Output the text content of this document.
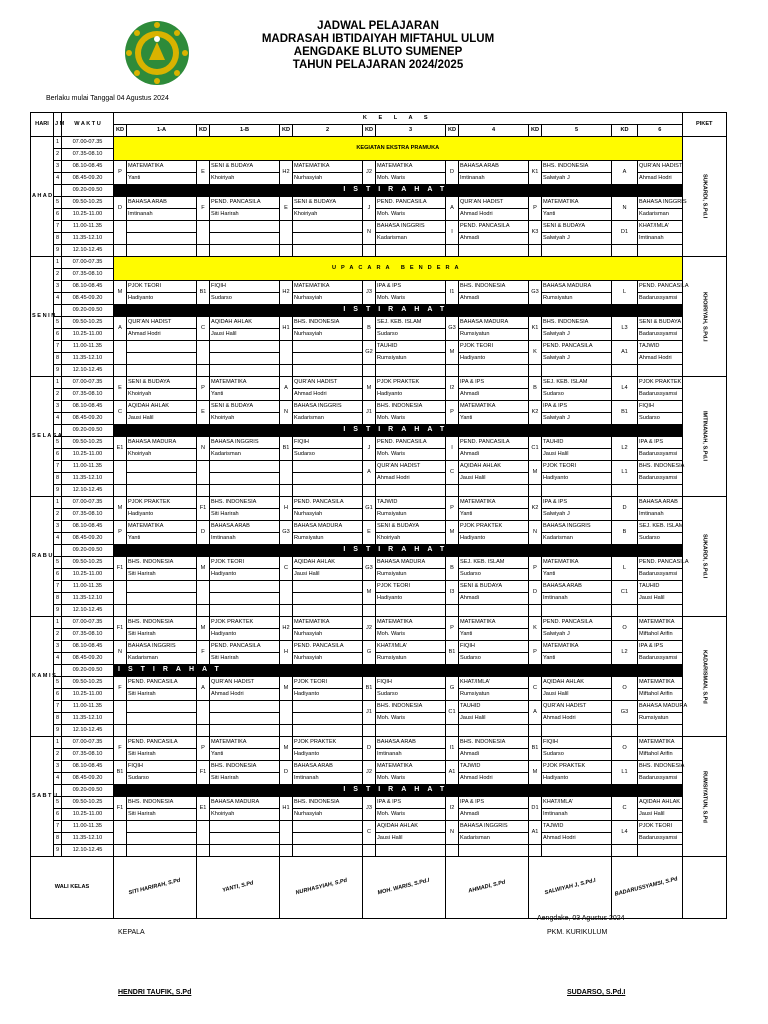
JADWAL PELAJARAN
MADRASAH IBTIDAIYAH MIFTAHUL ULUM
AENGDAKE BLUTO SUMENEP
TAHUN PELAJARAN 2024/2025
Berlaku mulai Tanggal 04 Agustus 2024
HARI	J M	W A K T U	K E L A S														PIKET
			KD	1-A	KD	1-B	KD	2	KD	3	KD	4	KD	5	KD	6	
A H A D	1	07.00-07.35	KEGIATAN EKSTRA PRAMUKA														SUKARDI, S.Pd.I
	2	07.35-08.10															
	3	08.10-08.45	P	MATEMATIKA	E	SENI & BUDAYA	H2	MATEMATIKA	J2	MATEMATIKA	D	BAHASA ARAB	K1	BHS. INDONESIA	A	QUR'AN HADIST	
	4	08.45-09.20		Yanti		Khoiriyah		Nurhasyiah		Moh. Waris		Imtinanah		Salwiyah J		Ahmad Hodri	
		09.20-09.50	ISTIRAHAT														
	5	09.50-10.25	D	BAHASA ARAB	F	PEND. PANCASILA	E	SENI & BUDAYA	J	PEND. PANCASILA	A	QUR'AN HADIST	P	MATEMATIKA	N	BAHASA INGGRIS	
	6	10.25-11.00		Imtinanah		Siti Harirah		Khoiriyah		Moh. Waris		Ahmad Hodri		Yanti		Kadarisman	
	7	11.00-11.35							N	BAHASA INGGRIS	I	PEND. PANCASILA	K3	SENI & BUDAYA	D1	KHAT/IMLA'	
	8	11.35-12.10								Kadarisman		Ahmadi		Salwiyah J		Imtinanah	
	9	12.10-12.45															
S E N I N	1	07.00-07.35	UPACARA BENDERA														KHOIRIYAH, S.Pd.I
	2	07.35-08.10															
	3	08.10-08.45	M	PJOK TEORI	B1	FIQIH	H2	MATEMATIKA	J3	IPA & IPS	I1	BHS. INDONESIA	G3	BAHASA MADURA	L	PEND. PANCASILA	
	4	08.45-09.20		Hadiyanto		Sudarso		Nurhasyiah		Moh. Waris		Ahmadi		Rumsiyatun		Badarussyamsi	
		09.20-09.50	ISTIRAHAT														
	5	09.50-10.25	A	QUR'AN HADIST	C	AQIDAH AHLAK	H1	BHS. INDONESIA	B	SEJ. KEB. ISLAM	G3	BAHASA MADURA	K1	BHS. INDONESIA	L3	SENI & BUDAYA	
	6	10.25-11.00		Ahmad Hodri		Jausi Halil		Nurhasyiah		Sudarso		Rumsiyatun		Salwiyah J		Badarussyamsi	
	7	11.00-11.35							G2	TAUHID	M	PJOK TEORI	K	PEND. PANCASILA	A1	TAJWID	
	8	11.35-12.10								Rumsiyatun		Hadiyanto		Salwiyah J		Ahmad Hodri	
	9	12.10-12.45															
S E L A S A	1	07.00-07.35	E	SENI & BUDAYA	P	MATEMATIKA	A	QUR'AN HADIST	M	PJOK PRAKTEK	I2	IPA & IPS	B	SEJ. KEB. ISLAM	L4	PJOK PRAKTEK	IMTINANAH, S.Pd.I
	2	07.35-08.10		Khoiriyah		Yanti		Ahmad Hodri		Hadiyanto		Ahmadi		Sudarso		Badarussyamsi	
	3	08.10-08.45	C	AQIDAH AHLAK	E	SENI & BUDAYA	N	BAHASA INGGRIS	J1	BHS. INDONESIA	P	MATEMATIKA	K2	IPA & IPS	B1	FIQIH	
	4	08.45-09.20		Jausi Halil		Khoiriyah		Kadarisman		Moh. Waris		Yanti		Salwiyah J		Sudarso	
		09.20-09.50	ISTIRAHAT														
	5	09.50-10.25	E1	BAHASA MADURA	N	BAHASA INGGRIS	B1	FIQIH	J	PEND. PANCASILA	I	PEND. PANCASILA	C1	TAUHID	L2	IPA & IPS	
	6	10.25-11.00		Khoiriyah		Kadarisman		Sudarso		Moh. Waris		Ahmadi		Jausi Halil		Badarussyamsi	
	7	11.00-11.35							A	QUR'AN HADIST	C	AQIDAH AHLAK	M	PJOK TEORI	L1	BHS. INDONESIA	
	8	11.35-12.10								Ahmad Hodri		Jausi Halil		Hadiyanto		Badarussyamsi	
	9	12.10-12.45															
R A B U	1	07.00-07.35	M	PJOK PRAKTEK	F1	BHS. INDONESIA	H	PEND. PANCASILA	G1	TAJWID	P	MATEMATIKA	K2	IPA & IPS	D	BAHASA ARAB	SUKARDI, S.Pd.I
	2	07.35-08.10		Hadiyanto		Siti Harirah		Nurhasyiah		Rumsiyatun		Yanti		Salwiyah J		Imtinanah	
	3	08.10-08.45	P	MATEMATIKA	D	BAHASA ARAB	G3	BAHASA MADURA	E	SENI & BUDAYA	M	PJOK PRAKTEK	N	BAHASA INGGRIS	B	SEJ. KEB. ISLAM	
	4	08.45-09.20		Yanti		Imtinanah		Rumsiyatun		Khoiriyah		Hadiyanto		Kadarisman		Sudarso	
		09.20-09.50	ISTIRAHAT														
	5	09.50-10.25	F1	BHS. INDONESIA	M	PJOK TEORI	C	AQIDAH AHLAK	G3	BAHASA MADURA	B	SEJ. KEB. ISLAM	P	MATEMATIKA	L	PEND. PANCASILA	
	6	10.25-11.00		Siti Harirah		Hadiyanto		Jausi Halil		Rumsiyatun		Sudarso		Yanti		Badarussyamsi	
	7	11.00-11.35							M	PJOK TEORI	I3	SENI & BUDAYA	D	BAHASA ARAB	C1	TAUHID	
	8	11.35-12.10								Hadiyanto		Ahmadi		Imtinanah		Jausi Halil	
	9	12.10-12.45															
K A M I S	1	07.00-07.35	F1	BHS. INDONESIA	M	PJOK PRAKTEK	H2	MATEMATIKA	J2	MATEMATIKA	P	MATEMATIKA	K	PEND. PANCASILA	O	MATEMATIKA	KADARISMAN, S.Pd
	2	07.35-08.10		Siti Harirah		Hadiyanto		Nurhasyiah		Moh. Waris		Yanti		Salwiyah J		Miftahol Arifin	
	3	08.10-08.45	N	BAHASA INGGRIS	F	PEND. PANCASILA	H	PEND. PANCASILA	G	KHAT/IMLA'	B1	FIQIH	P	MATEMATIKA	L2	IPA & IPS	
	4	08.45-09.20		Kadarisman		Siti Harirah		Nurhasyiah		Rumsiyatun		Sudarso		Yanti		Badarussyamsi	
		09.20-09.50	ISTIRAHAT														
	5	09.50-10.25	F	PEND. PANCASILA	A	QUR'AN HADIST	M	PJOK TEORI	B1	FIQIH	G	KHAT/IMLA'	C	AQIDAH AHLAK	O	MATEMATIKA	
	6	10.25-11.00		Siti Harirah		Ahmad Hodri		Hadiyanto		Sudarso		Rumsiyatun		Jausi Halil		Miftahol Arifin	
	7	11.00-11.35							J1	BHS. INDONESIA	C1	TAUHID	A	QUR'AN HADIST	G3	BAHASA MADURA	
	8	11.35-12.10								Moh. Waris		Jausi Halil		Ahmad Hodri		Rumsiyatun	
	9	12.10-12.45															
S A B T U	1	07.00-07.35	F	PEND. PANCASILA	P	MATEMATIKA	M	PJOK PRAKTEK	D	BAHASA ARAB	I1	BHS. INDONESIA	B1	FIQIH	O	MATEMATIKA	RUMSIYATUN, S.Pd
	2	07.35-08.10		Siti Harirah		Yanti		Hadiyanto		Imtinanah		Ahmadi		Sudarso		Miftahol Arifin	
	3	08.10-08.45	B1	FIQIH	F1	BHS. INDONESIA	D	BAHASA ARAB	J2	MATEMATIKA	A1	TAJWID	M	PJOK PRAKTEK	L1	BHS. INDONESIA	
	4	08.45-09.20		Sudarso		Siti Harirah		Imtinanah		Moh. Waris		Ahmad Hodri		Hadiyanto		Badarussyamsi	
		09.20-09.50	ISTIRAHAT														
	5	09.50-10.25	F1	BHS. INDONESIA	E1	BAHASA MADURA	H1	BHS. INDONESIA	J3	IPA & IPS	I2	IPA & IPS	D1	KHAT/IMLA'	C	AQIDAH AHLAK	
	6	10.25-11.00		Siti Harirah		Khoiriyah		Nurhasyiah		Moh. Waris		Ahmadi		Imtinanah		Jausi Halil	
	7	11.00-11.35							C	AQIDAH AHLAK	N	BAHASA INGGRIS	A1	TAJWID	L4	PJOK TEORI	
	8	11.35-12.10								Jausi Halil		Kadarisman		Ahmad Hodri		Badarussyamsi	
	9	12.10-12.45															
WALI KELAS			SITI HARIRAH, S.Pd		YANTI, S.Pd		NURHASYIAH, S.Pd		MOH. WARIS, S.Pd.I		AHMADI, S.Pd		SALWIYAH J, S.Pd.I		BADARUSSYAMSI, S.Pd		
Aengdake, 03 Agustus 2024
KEPALA	PKM. KURIKULUM
HENDRI TAUFIK, S.Pd	SUDARSO, S.Pd.I
